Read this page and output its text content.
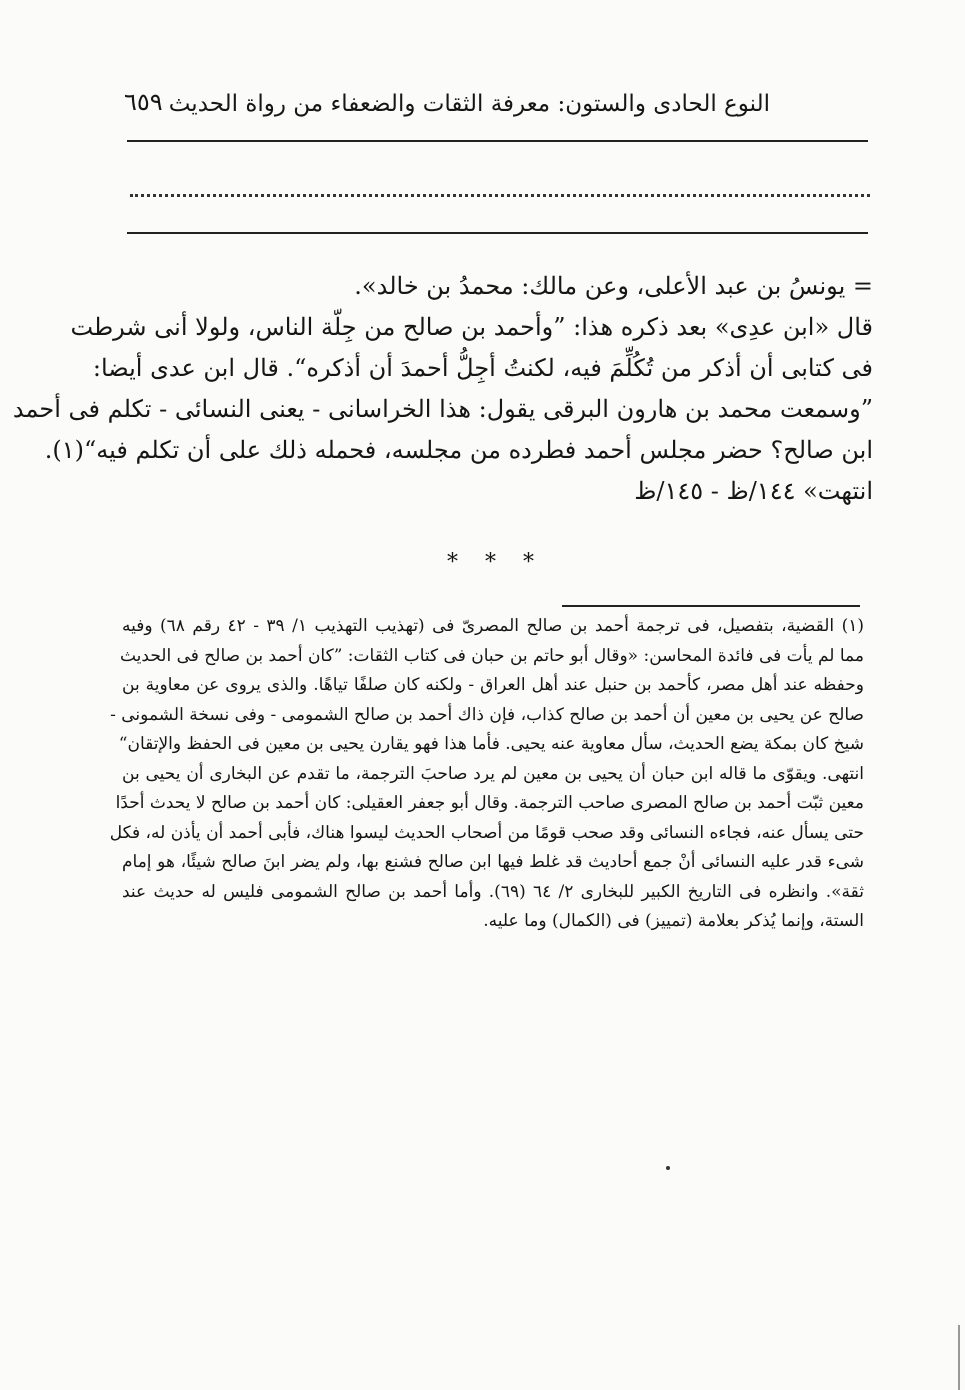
٦٥٩ النوع الحادى والستون: معرفة الثقات والضعفاء من رواة الحديث
= يونسُ بن عبد الأعلى، وعن مالك: محمدُ بن خالد».
قال «ابن عدِى» بعد ذكره هذا: ”وأحمد بن صالح من جِلّة الناس، ولولا أنى شرطت
فى كتابى أن أذكر من تُكُلِّمَ فيه، لكنتُ أجِلُّ أحمدَ أن أذكره“. قال ابن عدى أيضا:
”وسمعت محمد بن هارون البرقى يقول: هذا الخراسانى - يعنى النسائى - تكلم فى أحمد
ابن صالح؟ حضر مجلس أحمد فطرده من مجلسه، فحمله ذلك على أن تكلم فيه“(١).
انتهت» ١٤٤/ظ - ١٤٥/ظ
* * *
(١) القضية، بتفصيل، فى ترجمة أحمد بن صالح المصرىّ فى (تهذيب التهذيب ١/ ٣٩ - ٤٢ رقم ٦٨) وفيه
مما لم يأت فى فائدة المحاسن: «وقال أبو حاتم بن حبان فى كتاب الثقات: ”كان أحمد بن صالح فى الحديث
وحفظه عند أهل مصر، كأحمد بن حنبل عند أهل العراق - ولكنه كان صلفًا تياهًا. والذى يروى عن معاوية بن
صالح عن يحيى بن معين أن أحمد بن صالح كذاب، فإن ذاك أحمد بن صالح الشمومى - وفى نسخة الشمونى -
شيخ كان بمكة يضع الحديث، سأل معاوية عنه يحيى. فأما هذا فهو يقارن يحيى بن معين فى الحفظ والإتقان“
انتهى. ويقوّى ما قاله ابن حبان أن يحيى بن معين لم يرد صاحبَ الترجمة، ما تقدم عن البخارى أن يحيى بن
معين ثبّت أحمد بن صالح المصرى صاحب الترجمة. وقال أبو جعفر العقيلى: كان أحمد بن صالح لا يحدث أحدًا
حتى يسأل عنه، فجاءه النسائى وقد صحب قومًا من أصحاب الحديث ليسوا هناك، فأبى أحمد أن يأذن له، فكل
شىء قدر عليه النسائى أنْ جمع أحاديث قد غلط فيها ابن صالح فشنع بها، ولم يضر ابنَ صالح شيئًا، هو إمام
ثقة». وانظره فى التاريخ الكبير للبخارى ٢/ ٦٤ (٦٩). وأما أحمد بن صالح الشمومى فليس له حديث عند
الستة، وإنما يُذكر بعلامة (تمييز) فى (الكمال) وما عليه.
